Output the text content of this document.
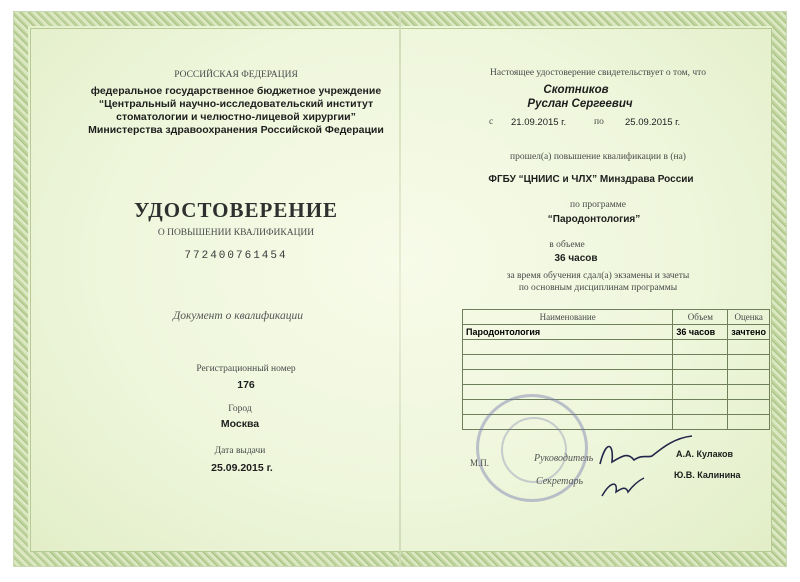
РОССИЙСКАЯ ФЕДЕРАЦИЯ
федеральное государственное бюджетное учреждение
“Центральный научно-исследовательский институт
стоматологии и челюстно-лицевой хирургии”
Министерства здравоохранения Российской Федерации
УДОСТОВЕРЕНИЕ
О ПОВЫШЕНИИ КВАЛИФИКАЦИИ
772400761454
Документ о квалификации
Регистрационный номер
176
Город
Москва
Дата выдачи
25.09.2015 г.
Настоящее удостоверение свидетельствует о том, что
Скотников
Руслан Сергеевич
с 21.09.2015 г.	по 25.09.2015 г.
прошел(а) повышение квалификации в (на)
ФГБУ “ЦНИИС и ЧЛХ” Минздрава России
по программе
“Пародонтология”
в объеме
36 часов
за время обучения сдал(а) экзамены и зачеты
по основным дисциплинам программы
Наименование	Объем	Оценка
Пародонтология	36 часов	зачтено

М.П.	Руководитель
Секретарь
А.А. Кулаков
Ю.В. Калинина
